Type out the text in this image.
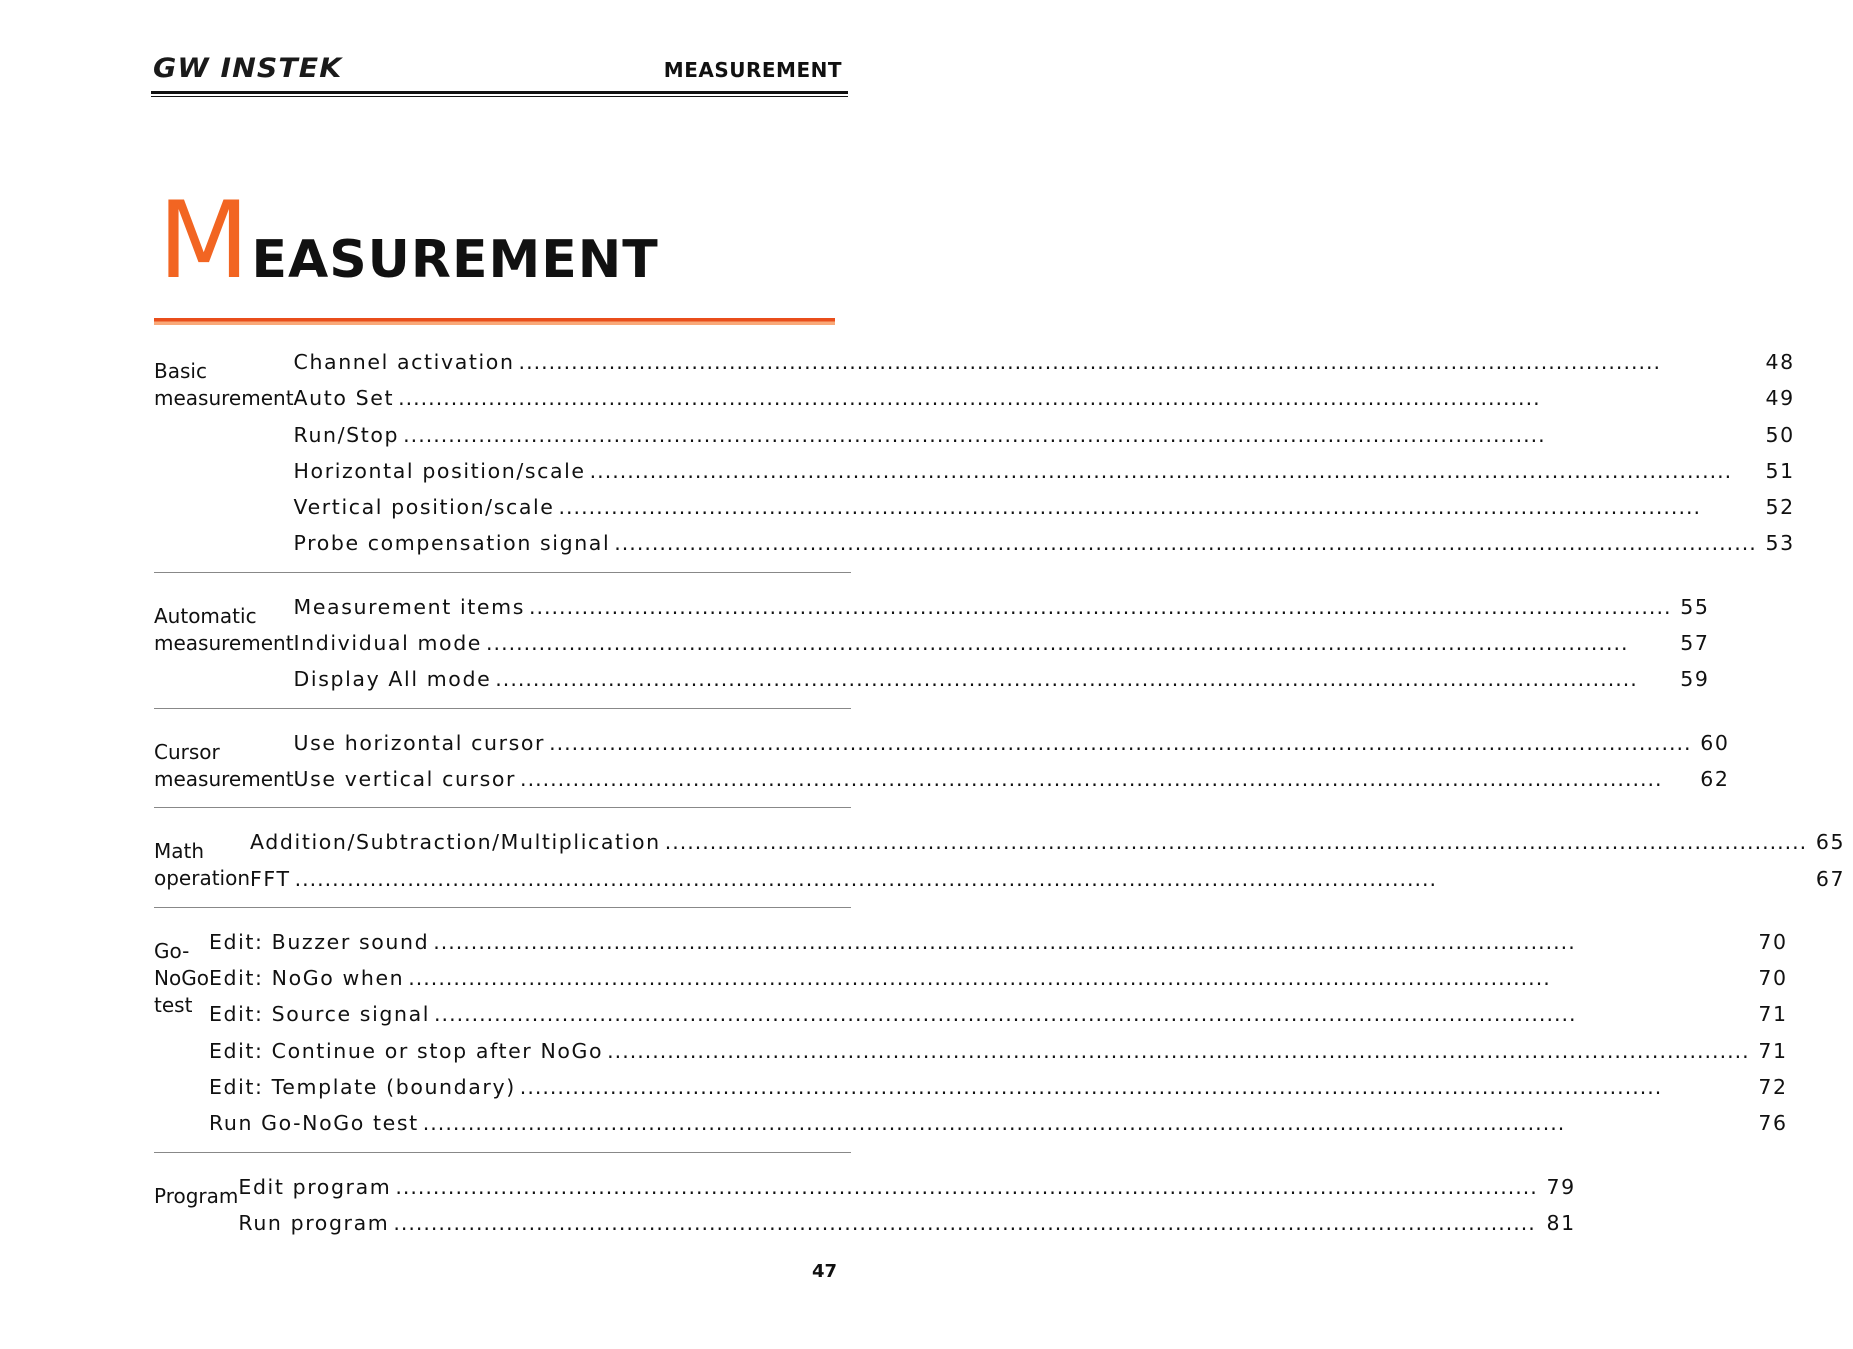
GW INSTEK	MEASUREMENT
MEASUREMENT
Basic
measurement
Channel activation .....	48
Auto Set .....	49
Run/Stop .....	50
Horizontal position/scale .....	51
Vertical position/scale .....	52
Probe compensation signal .....	53
Automatic
measurement
Measurement items .....	55
Individual mode .....	57
Display All mode .....	59
Cursor
measurement
Use horizontal cursor .....	60
Use vertical cursor .....	62
Math operation
Addition/Subtraction/Multiplication .....	65
FFT .....	67
Go-NoGo test
Edit: Buzzer sound .....	70
Edit: NoGo when .....	70
Edit: Source signal .....	71
Edit: Continue or stop after NoGo .....	71
Edit: Template (boundary) .....	72
Run Go-NoGo test .....	76
Program Edit program .....	79
Run program .....	81
47
